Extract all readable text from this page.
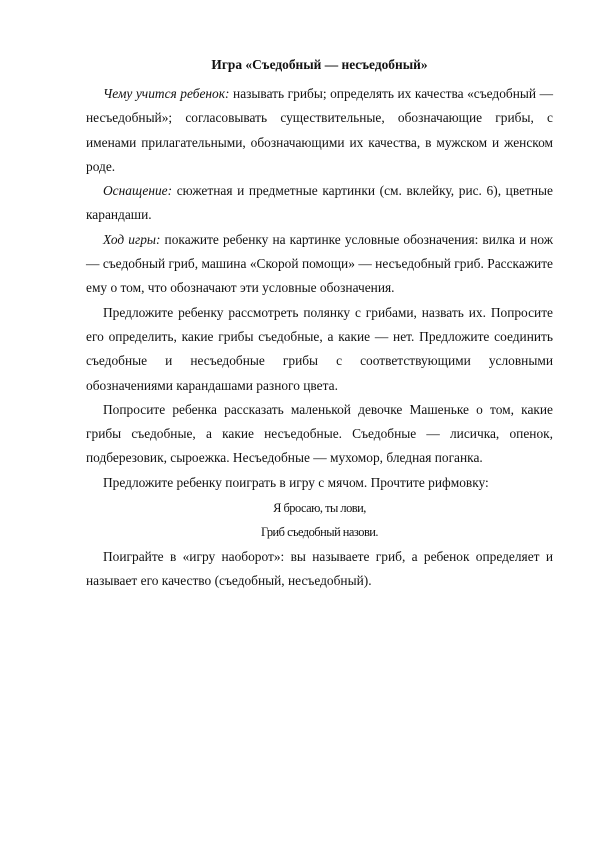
Игра «Съедобный — несъедобный»

Чему учится ребенок: называть грибы; определять их качества «съедобный — несъедобный»; согласовывать существительные, обозначающие грибы, с именами прилагательными, обозначающими их качества, в мужском и женском роде.

Оснащение: сюжетная и предметные картинки (см. вклейку, рис. 6), цветные карандаши.

Ход игры: покажите ребенку на картинке условные обозначения: вилка и нож — съедобный гриб, машина «Скорой помощи» — несъедобный гриб. Расскажите ему о том, что обозначают эти условные обозначения.

Предложите ребенку рассмотреть полянку с грибами, назвать их. Попросите его определить, какие грибы съедобные, а какие — нет. Предложите соединить съедобные и несъедобные грибы с соответствующими условными обозначениями карандашами разного цвета.

Попросите ребенка рассказать маленькой девочке Машеньке о том, какие грибы съедобные, а какие несъедобные. Съедобные — лисичка, опенок, подберезовик, сыроежка. Несъедобные — мухомор, бледная поганка.

Предложите ребенку поиграть в игру с мячом. Прочтите рифмовку:

Я бросаю, ты лови,

Гриб съедобный назови.

Поиграйте в «игру наоборот»: вы называете гриб, а ребенок определяет и называет его качество (съедобный, несъедобный).
